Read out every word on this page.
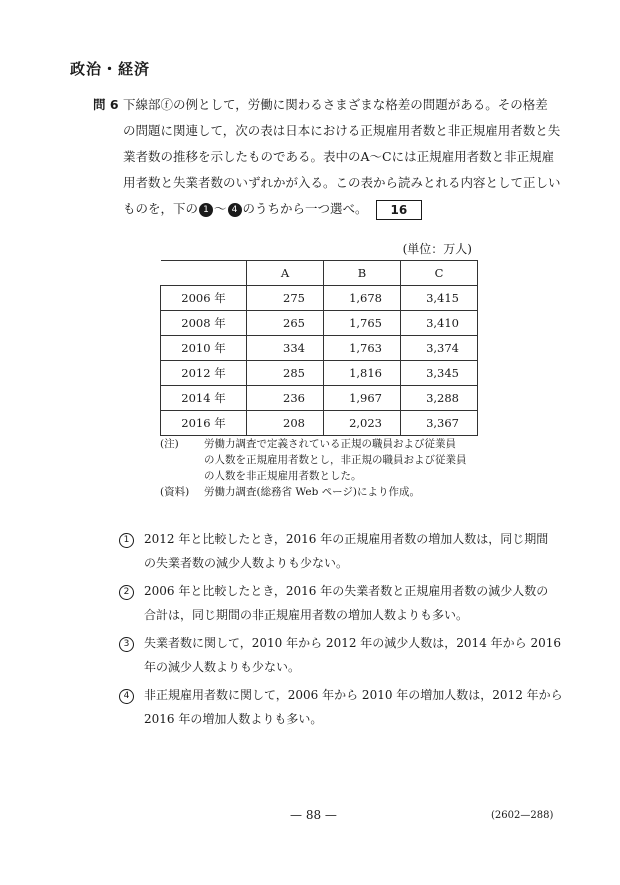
政治・経済
問 6 下線部ⓕの例として，労働に関わるさまざまな格差の問題がある。その格差
の問題に関連して，次の表は日本における正規雇用者数と非正規雇用者数と失
業者数の推移を示したものである。表中のA～Cには正規雇用者数と非正規雇
用者数と失業者数のいずれかが入る。この表から読みとれる内容として正しい
ものを，下の 1 ～ 4 のうちから一つ選べ。 16
(単位：万人)
	A	B	C
2006 年	275	1,678	3,415
2008 年	265	1,765	3,410
2010 年	334	1,763	3,374
2012 年	285	1,816	3,345
2014 年	236	1,967	3,288
2016 年	208	2,023	3,367
(注)	労働力調査で定義されている正規の職員および従業員
の人数を正規雇用者数とし，非正規の職員および従業員
の人数を非正規雇用者数とした。
(資料)	労働力調査(総務省 Web ページ)により作成。
1	2012 年と比較したとき，2016 年の正規雇用者数の増加人数は，同じ期間
の失業者数の減少人数よりも少ない。
2	2006 年と比較したとき，2016 年の失業者数と正規雇用者数の減少人数の
合計は，同じ期間の非正規雇用者数の増加人数よりも多い。
3	失業者数に関して，2010 年から 2012 年の減少人数は，2014 年から 2016
年の減少人数よりも少ない。
4	非正規雇用者数に関して，2006 年から 2010 年の増加人数は，2012 年から
2016 年の増加人数よりも多い。
— 88 —	(2602—288)
